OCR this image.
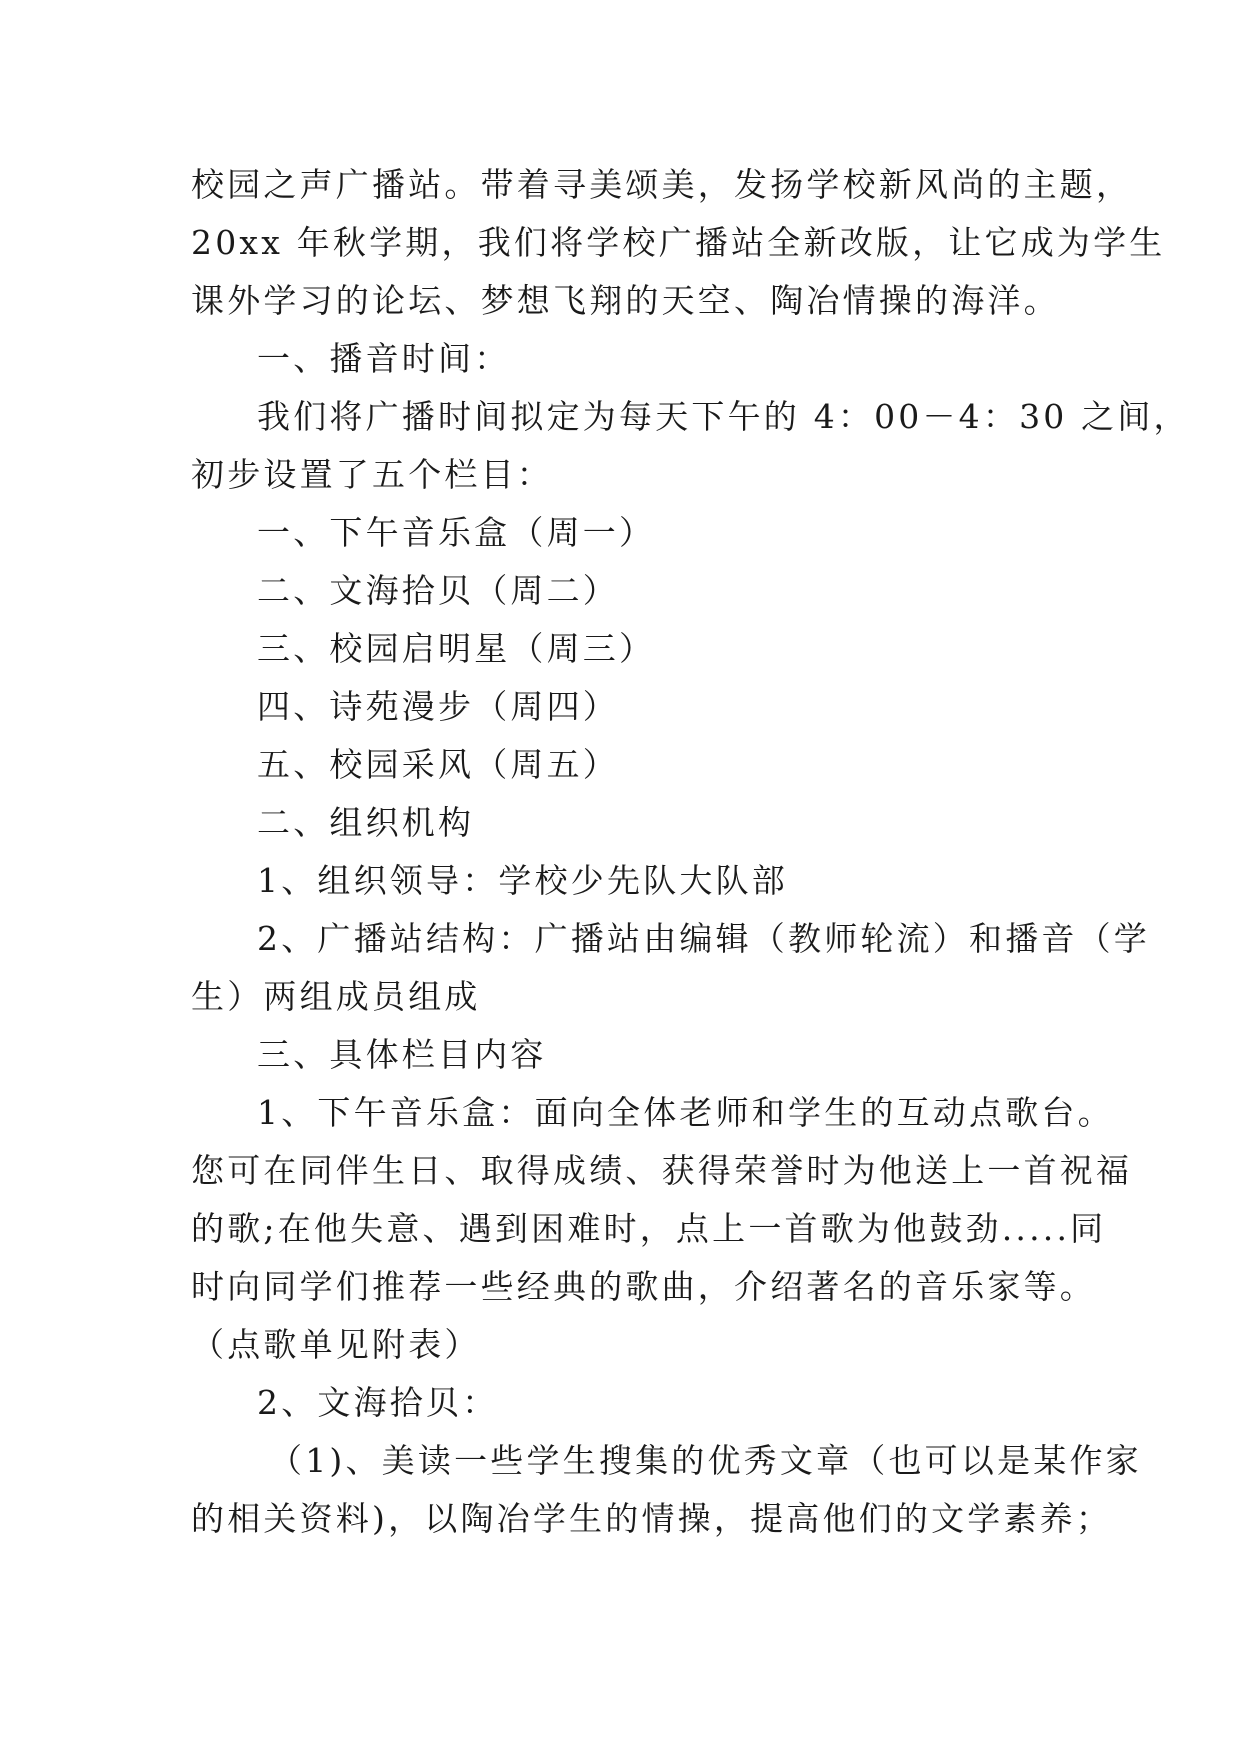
校园之声广播站。带着寻美颂美，发扬学校新风尚的主题，
20xx 年秋学期，我们将学校广播站全新改版，让它成为学生
课外学习的论坛、梦想飞翔的天空、陶冶情操的海洋。
一、播音时间：
我们将广播时间拟定为每天下午的 4：00－4：30 之间，
初步设置了五个栏目：
一、下午音乐盒（周一）
二、文海拾贝（周二）
三、校园启明星（周三）
四、诗苑漫步（周四）
五、校园采风（周五）
二、组织机构
1、组织领导：学校少先队大队部
2、广播站结构：广播站由编辑（教师轮流）和播音（学
生）两组成员组成
三、具体栏目内容
1、下午音乐盒：面向全体老师和学生的互动点歌台。
您可在同伴生日、取得成绩、获得荣誉时为他送上一首祝福
的歌;在他失意、遇到困难时，点上一首歌为他鼓劲.....同
时向同学们推荐一些经典的歌曲，介绍著名的音乐家等。
（点歌单见附表）
2、文海拾贝：
（1)、美读一些学生搜集的优秀文章（也可以是某作家
的相关资料)，以陶冶学生的情操，提高他们的文学素养；
